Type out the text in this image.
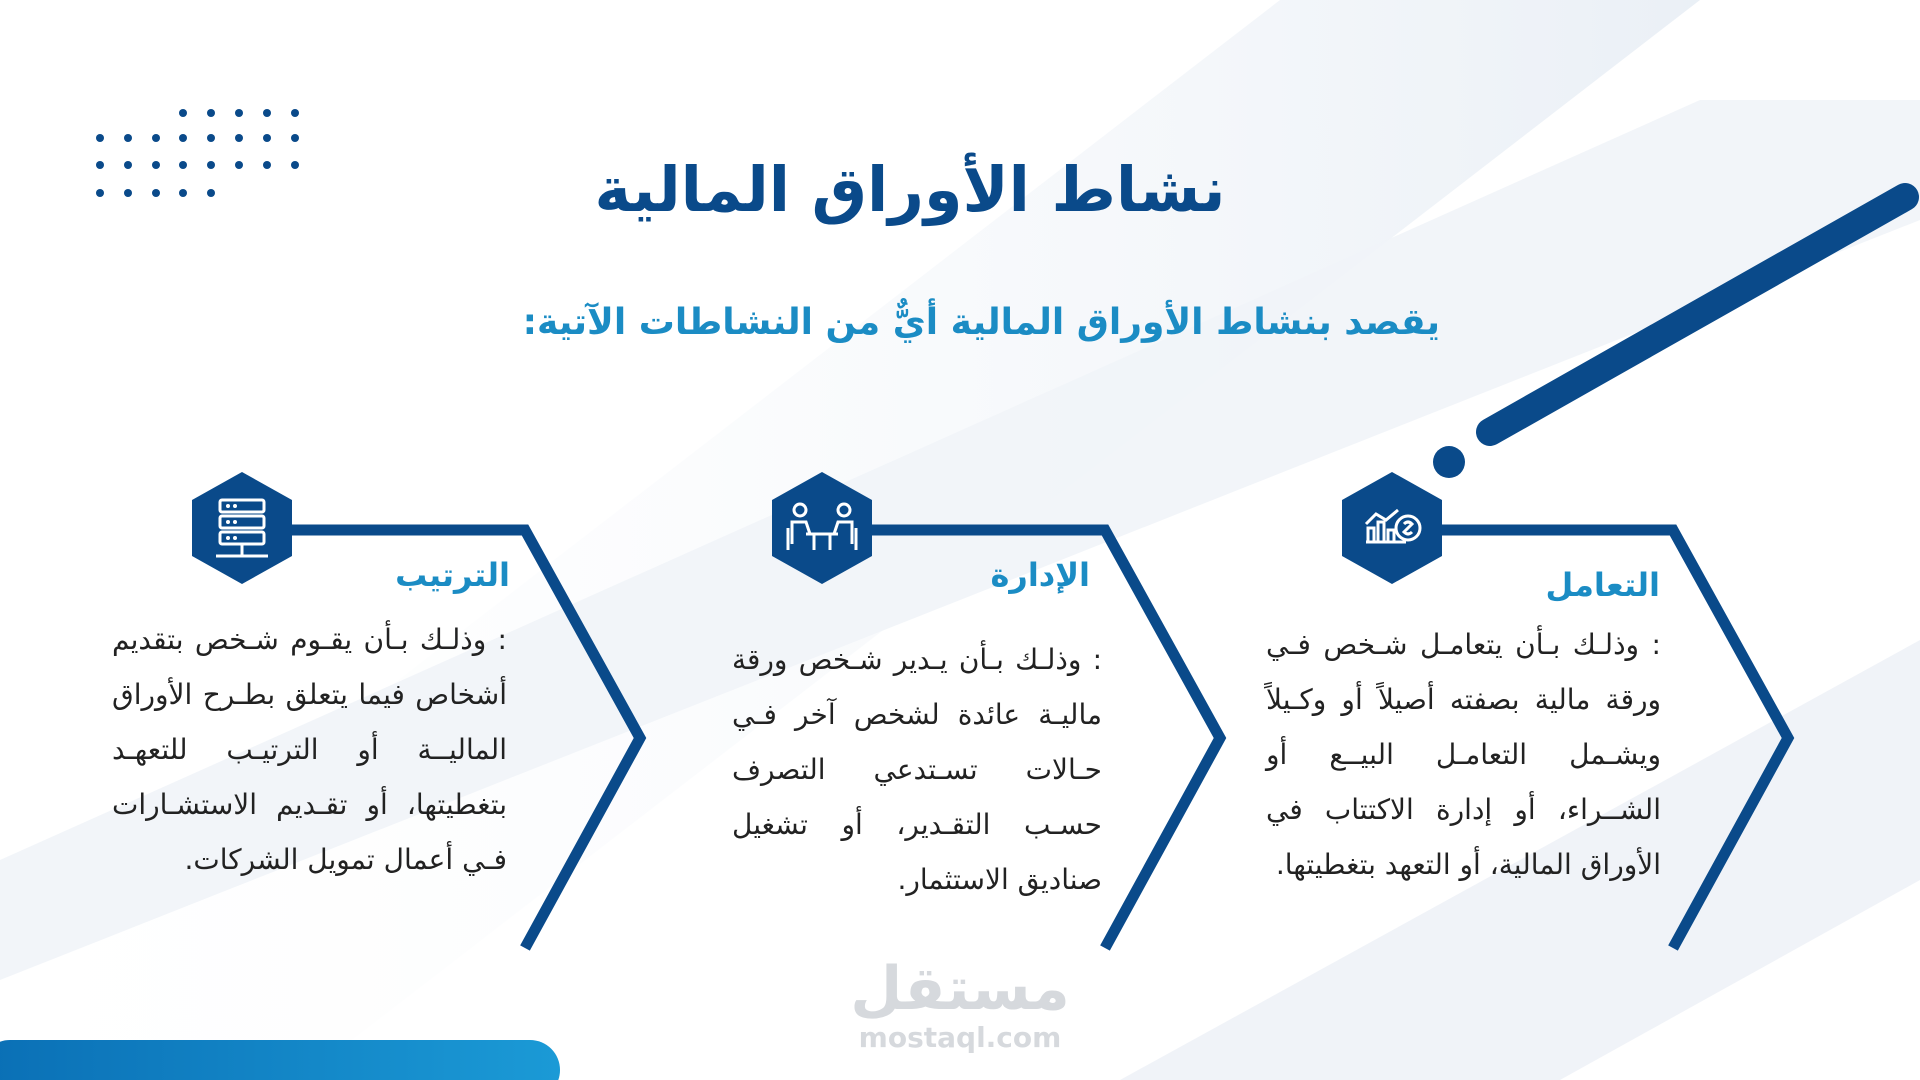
نشاط الأوراق المالية

يقصد بنشاط الأوراق المالية أيٌّ من النشاطات الآتية:

الترتيب

: وذلـك بـأن يقـوم شـخص بتقديم أشخاص فيما يتعلق بطـرح الأوراق الماليــة أو الترتيـب للتعهـد بتغطيتها، أو تقـديم الاستشـارات فـي أعمال تمويل الشركات.

الإدارة

: وذلـك بـأن يـدير شـخص ورقة ماليـة عائدة لشخص آخر فـي حـالات تسـتدعي التصرف حسـب التقـدير، أو تشغيل صناديق الاستثمار.

التعامل

: وذلـك بـأن يتعامـل شـخص فـي ورقة مالية بصفته أصيلاً أو وكـيلاً ويشـمل التعامـل البيــع أو الشــراء، أو إدارة الاكتتاب في الأوراق المالية، أو التعهد بتغطيتها.

مستقل
mostaql.com
